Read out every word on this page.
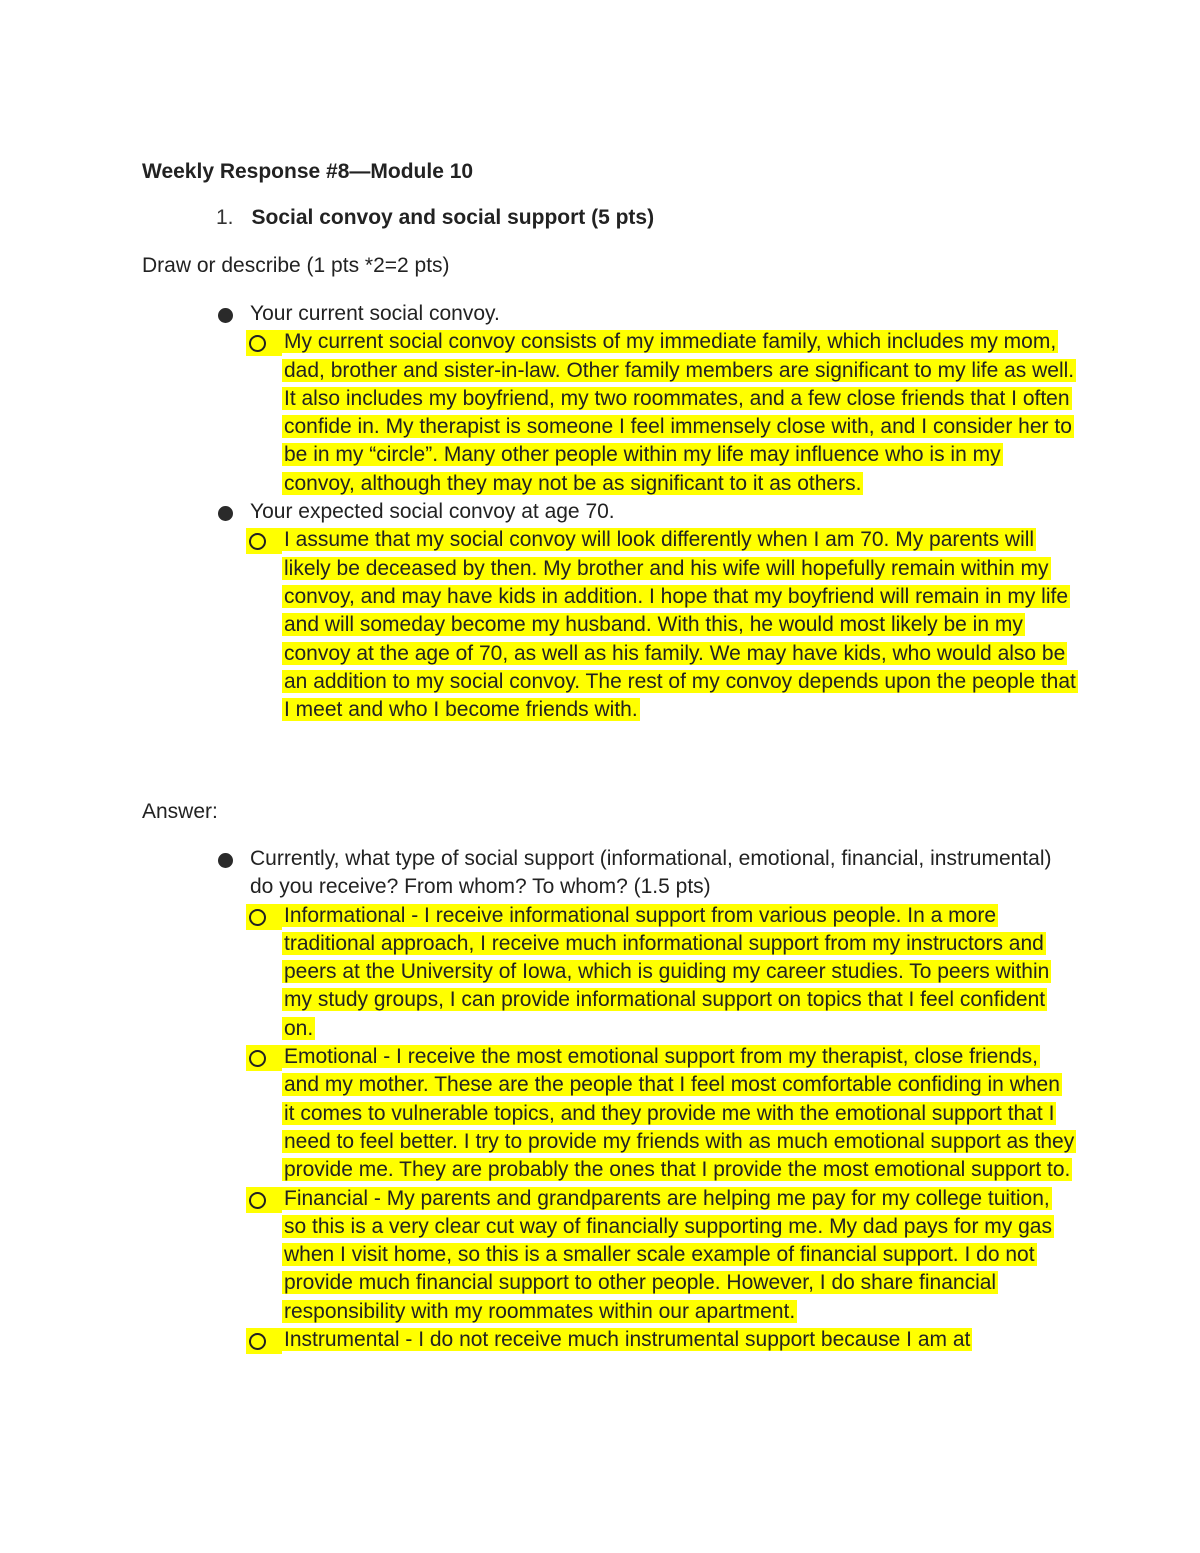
Weekly Response #8—Module 10

1. Social convoy and social support (5 pts)

Draw or describe (1 pts *2=2 pts)

Your current social convoy.
My current social convoy consists of my immediate family, which includes my mom, dad, brother and sister-in-law. Other family members are significant to my life as well. It also includes my boyfriend, my two roommates, and a few close friends that I often confide in. My therapist is someone I feel immensely close with, and I consider her to be in my “circle”. Many other people within my life may influence who is in my convoy, although they may not be as significant to it as others.
Your expected social convoy at age 70.
I assume that my social convoy will look differently when I am 70. My parents will likely be deceased by then. My brother and his wife will hopefully remain within my convoy, and may have kids in addition. I hope that my boyfriend will remain in my life and will someday become my husband. With this, he would most likely be in my convoy at the age of 70, as well as his family. We may have kids, who would also be an addition to my social convoy. The rest of my convoy depends upon the people that I meet and who I become friends with.

Answer:

Currently, what type of social support (informational, emotional, financial, instrumental) do you receive? From whom? To whom? (1.5 pts)
Informational - I receive informational support from various people. In a more traditional approach, I receive much informational support from my instructors and peers at the University of Iowa, which is guiding my career studies. To peers within my study groups, I can provide informational support on topics that I feel confident on.
Emotional - I receive the most emotional support from my therapist, close friends, and my mother. These are the people that I feel most comfortable confiding in when it comes to vulnerable topics, and they provide me with the emotional support that I need to feel better. I try to provide my friends with as much emotional support as they provide me. They are probably the ones that I provide the most emotional support to.
Financial - My parents and grandparents are helping me pay for my college tuition, so this is a very clear cut way of financially supporting me. My dad pays for my gas when I visit home, so this is a smaller scale example of financial support. I do not provide much financial support to other people. However, I do share financial responsibility with my roommates within our apartment.
Instrumental - I do not receive much instrumental support because I am at
